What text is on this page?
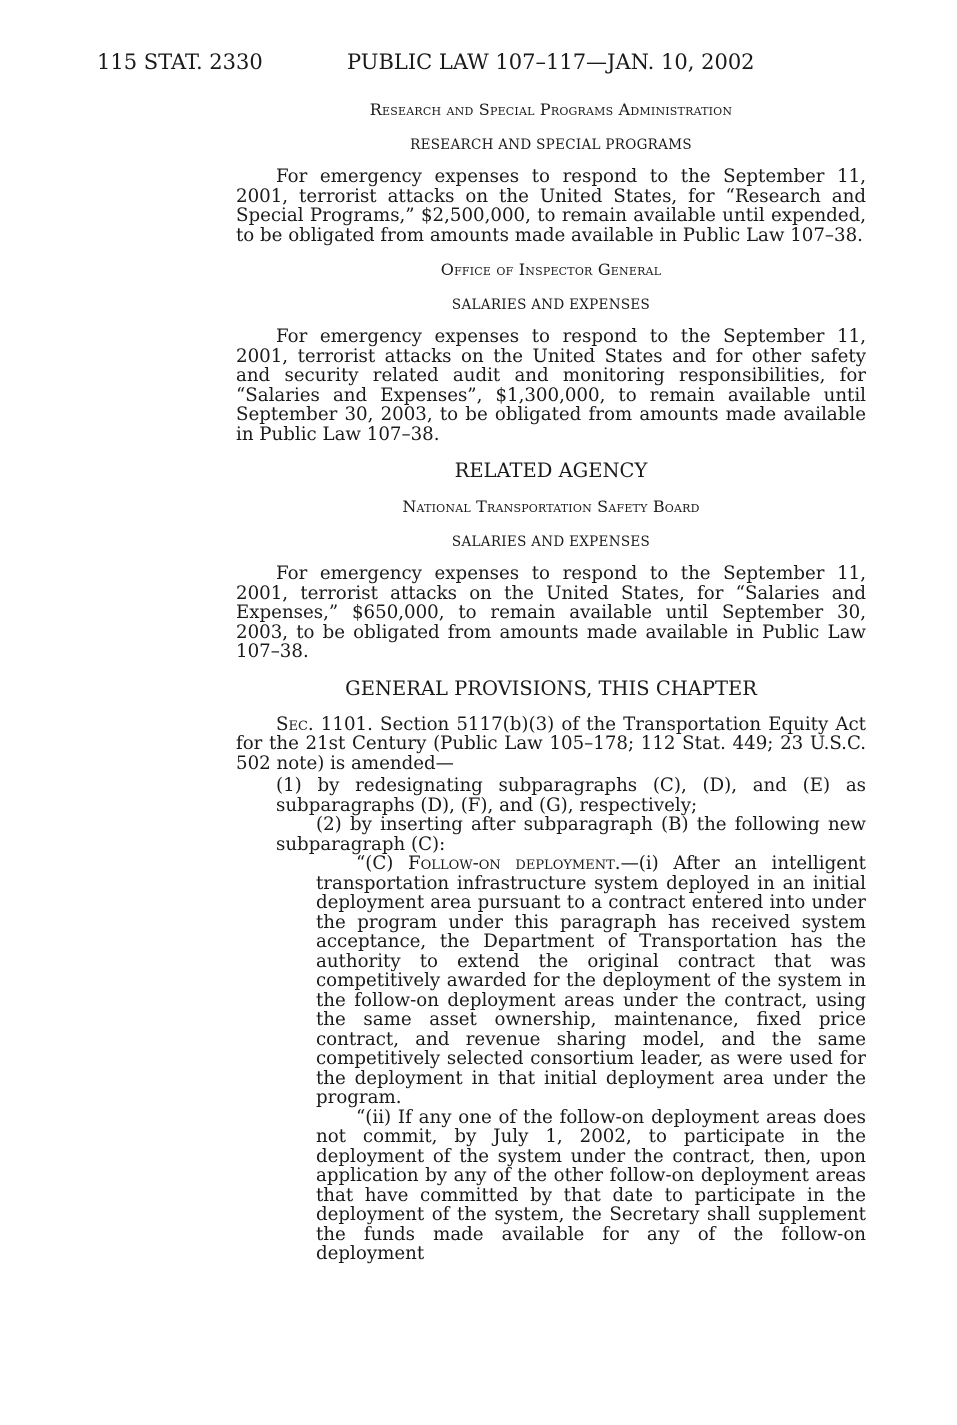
115 STAT. 2330	PUBLIC LAW 107–117—JAN. 10, 2002
Research and Special Programs Administration
RESEARCH AND SPECIAL PROGRAMS

For emergency expenses to respond to the September 11, 2001, terrorist attacks on the United States, for “Research and Special Programs,” $2,500,000, to remain available until expended, to be obligated from amounts made available in Public Law 107–38.

Office of Inspector General
SALARIES AND EXPENSES

For emergency expenses to respond to the September 11, 2001, terrorist attacks on the United States and for other safety and security related audit and monitoring responsibilities, for “Salaries and Expenses”, $1,300,000, to remain available until September 30, 2003, to be obligated from amounts made available in Public Law 107–38.

RELATED AGENCY
National Transportation Safety Board
SALARIES AND EXPENSES

For emergency expenses to respond to the September 11, 2001, terrorist attacks on the United States, for “Salaries and Expenses,” $650,000, to remain available until September 30, 2003, to be obligated from amounts made available in Public Law 107–38.

GENERAL PROVISIONS, THIS CHAPTER

Sec. 1101. Section 5117(b)(3) of the Transportation Equity Act for the 21st Century (Public Law 105–178; 112 Stat. 449; 23 U.S.C. 502 note) is amended—

(1) by redesignating subparagraphs (C), (D), and (E) as subparagraphs (D), (F), and (G), respectively;

(2) by inserting after subparagraph (B) the following new subparagraph (C):

“(C) Follow-on deployment.—(i) After an intelligent transportation infrastructure system deployed in an initial deployment area pursuant to a contract entered into under the program under this paragraph has received system acceptance, the Department of Transportation has the authority to extend the original contract that was competitively awarded for the deployment of the system in the follow-on deployment areas under the contract, using the same asset ownership, maintenance, fixed price contract, and revenue sharing model, and the same competitively selected consortium leader, as were used for the deployment in that initial deployment area under the program.

“(ii) If any one of the follow-on deployment areas does not commit, by July 1, 2002, to participate in the deployment of the system under the contract, then, upon application by any of the other follow-on deployment areas that have committed by that date to participate in the deployment of the system, the Secretary shall supplement the funds made available for any of the follow-on deployment
